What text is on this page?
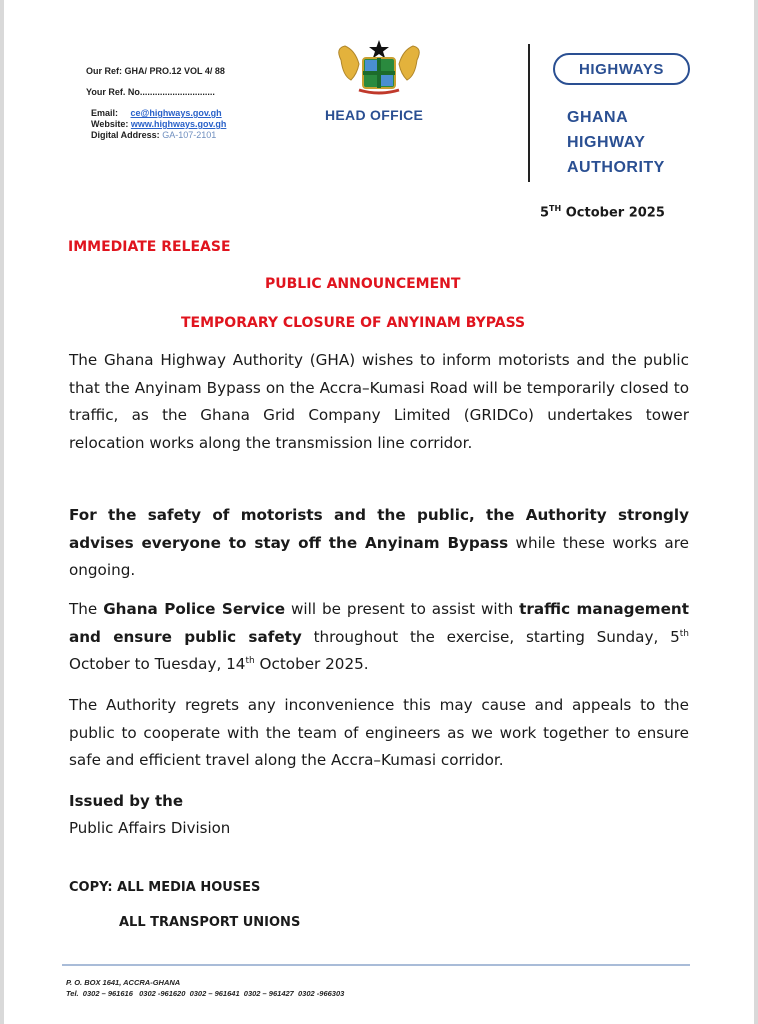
Our Ref: GHA/ PRO.12 VOL 4/ 88
Your Ref. No..............................
Email: ce@highways.gov.gh
Website: www.highways.gov.gh
Digital Address: GA-107-2101
HEAD OFFICE
HIGHWAYS
GHANA
HIGHWAY
AUTHORITY
5TH October 2025
IMMEDIATE RELEASE
PUBLIC ANNOUNCEMENT
TEMPORARY CLOSURE OF ANYINAM BYPASS
The Ghana Highway Authority (GHA) wishes to inform motorists and the public that the Anyinam Bypass on the Accra–Kumasi Road will be temporarily closed to traffic, as the Ghana Grid Company Limited (GRIDCo) undertakes tower relocation works along the transmission line corridor.
For the safety of motorists and the public, the Authority strongly advises everyone to stay off the Anyinam Bypass while these works are ongoing.
The Ghana Police Service will be present to assist with traffic management and ensure public safety throughout the exercise, starting Sunday, 5th October to Tuesday, 14th October 2025.
The Authority regrets any inconvenience this may cause and appeals to the public to cooperate with the team of engineers as we work together to ensure safe and efficient travel along the Accra–Kumasi corridor.
Issued by the
Public Affairs Division
COPY: ALL MEDIA HOUSES
ALL TRANSPORT UNIONS
P. O. BOX 1641, ACCRA-GHANA
Tel.  0302 – 961616   0302 -961620  0302 – 961641  0302 – 961427  0302 -966303
